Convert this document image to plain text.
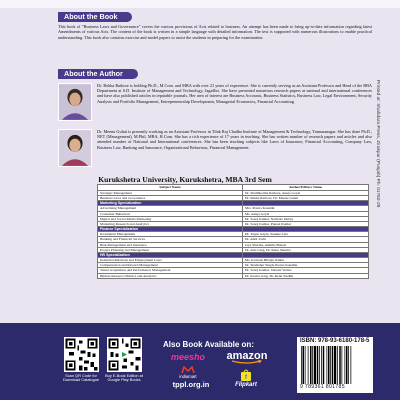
About the Book
This book of "Business Laws and Governance" covers the various provisions of Acts related to business. An attempt has been made to bring up-to-date information regarding latest Amendments of various Acts. The content of the book is written in a simple language with detailed information. The text is supported with numerous illustrations to enable practical understanding. This book also contains exercise and model papers to assist the students in preparing for the examination.
About the Author
Dr. Rekha Rathore is holding Ph.D., M.Com. and MBA with over 21 years of experience. She is currently serving as an Assistant Professor and Head of the BBA Department at S.D. Institute of Management and Technology, Jagadhri. She have presented numerous research papers at national and international conferences and have also published articles in reputable journals. Her area of interest are Business Accounts, Business Statistics, Business Law, Legal Environment, Security Analysis and Portfolio Management, Entrepreneurship Development, Managerial Economics, Financial Accounting.
Dr. Meenu Gulati is presently working as an Assistant Professor in Tilak Raj Chadha Institute of Management & Technology, Yamunanagar. She has done Ph.D., NET (Management), M.Phil, MBA, B.Com. She has a rich experience of 17 years in teaching. She has written number of research papers and articles and also attended number of National and International conferences. She has been teaching subjects like Laws of Insurance, Financial Accounting, Company Law, Business Law, Banking and Insurance, Organisational Behaviour, Financial Management.
Kurukshetra University, Kurukshetra, MBA 3rd Sem
Subject Name	Author/Editors Name
Strategic Management	Dr. Shubhkarma Rathore, Anuja Goyal
Business Laws and Governance	Dr. Rekha Rathore, Dr. Meenu Gulati
Marketing Specialization	
Advertising Management	Mrs. Prerna Kaushik
Consumer Behaviour	Ms. Anuja Goyal
Digital and Social Media Marketing	Dr. Sanoj Kumar, Namrata Dubey
Marketing Research and Analytics	Dr. Sanoj Kumar, Puneet Kumar
Finance Specialization	
Investment Management	Dr. Tapan Gupta, Sunake Lata
Banking and Financial Services	Dr. Amit Joshi
Risk Management and Insurance	Jaya Sharma, Ashima Bansal
Project Planning and Management	Dr. Atul Garg, Dr. Renu Sharma
HR Specialization	
Industrial Relations and Employment Laws	Ms. Kavleen Bhanji, Rinku
Compensation and Reward Management	Dr. Shamsher Singh, Prerna Kaushik
Talent Acquisition and Performance Management	Dr. Sanoj Kumar, Vikrant Verma
Human Resource Metrics and Analytics	Dr. Kavita Garg, Dr. Renu Sindhu
Printed at: Shahdara Press, Zirakpur (Punjab) Ph: 01762-28
Scan QR Code for Download Catalogue
Buy E-Book Edition at Google Play Books
Also Book Available on:
meesho	amazon
indiamart
tppl.org.in
f
Flipkart
ISBN: 978-93-6180-178-5
9 789361 801785
